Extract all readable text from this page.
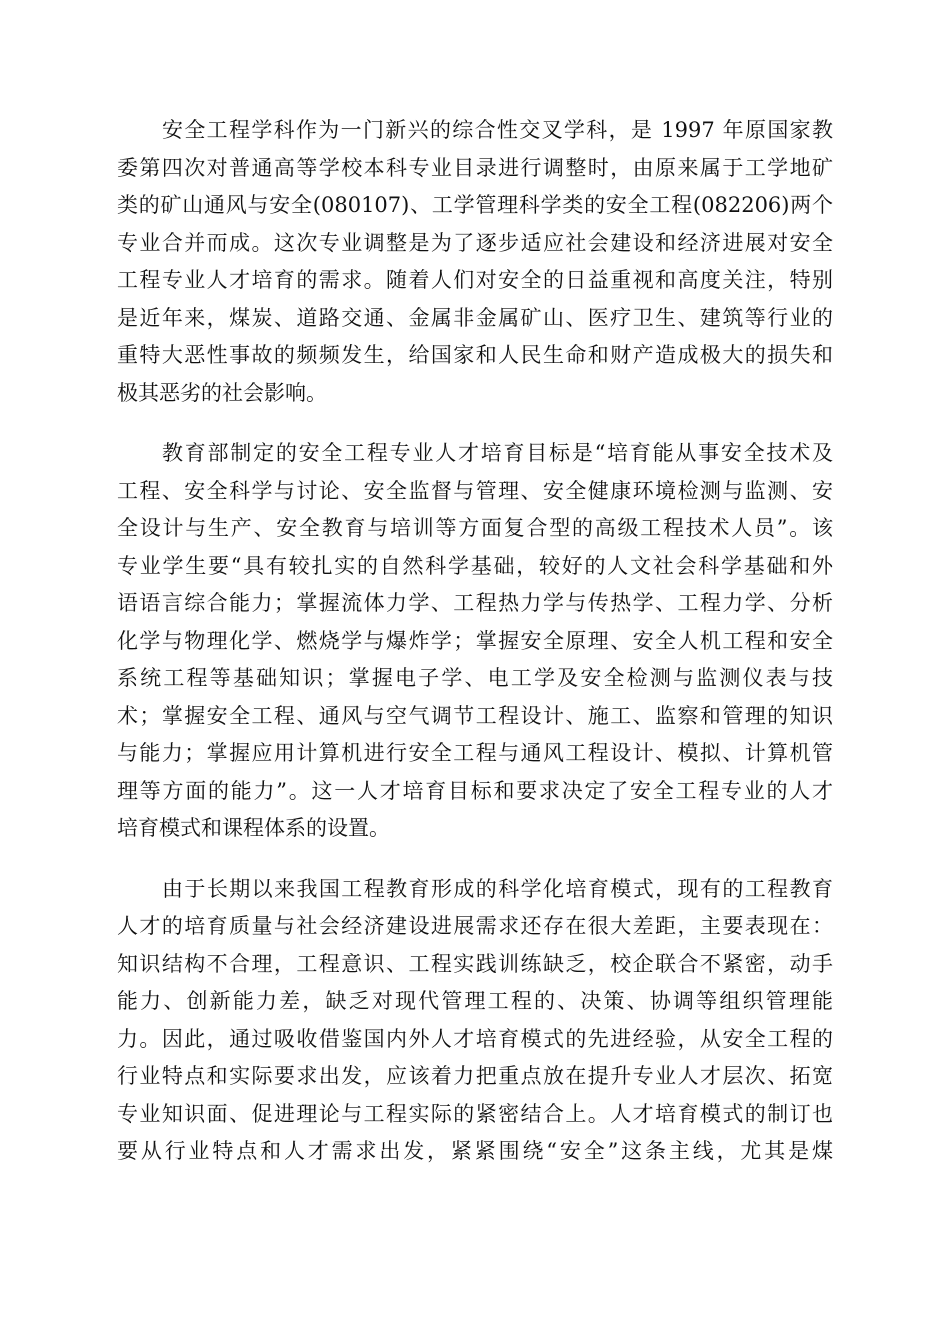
安全工程学科作为一门新兴的综合性交叉学科，是 1997 年原国家教
委第四次对普通高等学校本科专业目录进行调整时，由原来属于工学地矿
类的矿山通风与安全(080107)、工学管理科学类的安全工程(082206)两个
专业合并而成。这次专业调整是为了逐步适应社会建设和经济进展对安全
工程专业人才培育的需求。随着人们对安全的日益重视和高度关注，特别
是近年来，煤炭、道路交通、金属非金属矿山、医疗卫生、建筑等行业的
重特大恶性事故的频频发生，给国家和人民生命和财产造成极大的损失和
极其恶劣的社会影响。
教育部制定的安全工程专业人才培育目标是“培育能从事安全技术及
工程、安全科学与讨论、安全监督与管理、安全健康环境检测与监测、安
全设计与生产、安全教育与培训等方面复合型的高级工程技术人员”。该
专业学生要“具有较扎实的自然科学基础，较好的人文社会科学基础和外
语语言综合能力；掌握流体力学、工程热力学与传热学、工程力学、分析
化学与物理化学、燃烧学与爆炸学；掌握安全原理、安全人机工程和安全
系统工程等基础知识；掌握电子学、电工学及安全检测与监测仪表与技
术；掌握安全工程、通风与空气调节工程设计、施工、监察和管理的知识
与能力；掌握应用计算机进行安全工程与通风工程设计、模拟、计算机管
理等方面的能力”。这一人才培育目标和要求决定了安全工程专业的人才
培育模式和课程体系的设置。
由于长期以来我国工程教育形成的科学化培育模式，现有的工程教育
人才的培育质量与社会经济建设进展需求还存在很大差距，主要表现在：
知识结构不合理，工程意识、工程实践训练缺乏，校企联合不紧密，动手
能力、创新能力差，缺乏对现代管理工程的、决策、协调等组织管理能
力。因此，通过吸收借鉴国内外人才培育模式的先进经验，从安全工程的
行业特点和实际要求出发，应该着力把重点放在提升专业人才层次、拓宽
专业知识面、促进理论与工程实际的紧密结合上。人才培育模式的制订也
要从行业特点和人才需求出发，紧紧围绕“安全”这条主线，尤其是煤
